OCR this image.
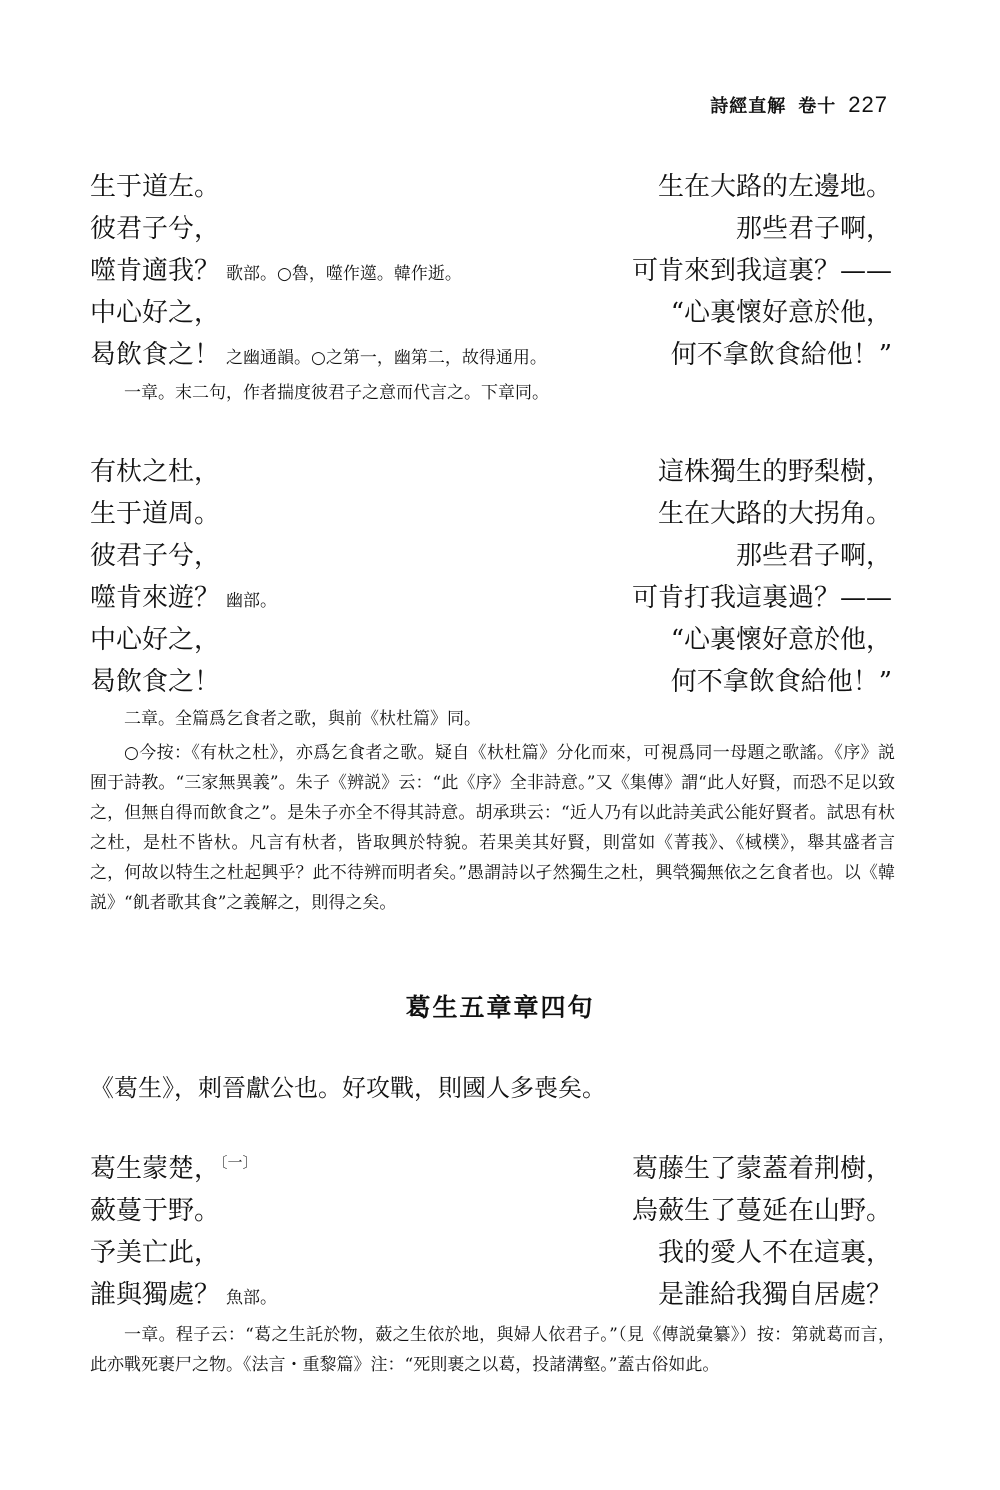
詩經直解 卷十 227
生于道左。	生在大路的左邊地。
彼君子兮，	那些君子啊，
噬肯適我？ 歌部。○魯，噬作遾。韓作逝。	可肯來到我這裏？——
中心好之，	“心裏懷好意於他，
曷飲食之！ 之幽通韻。○之第一，幽第二，故得通用。	何不拿飲食給他！”

一章。末二句，作者揣度彼君子之意而代言之。下章同。

有杕之杜，	這株獨生的野梨樹，
生于道周。	生在大路的大拐角。
彼君子兮，	那些君子啊，
噬肯來遊？ 幽部。	可肯打我這裏過？——
中心好之，	“心裏懷好意於他，
曷飲食之！	何不拿飲食給他！”

二章。全篇爲乞食者之歌，與前《杕杜篇》同。

○今按：《有杕之杜》，亦爲乞食者之歌。疑自《杕杜篇》分化而來，可視爲同一母題之歌謠。《序》説囿于詩教。“三家無異義”。朱子《辨説》云：“此《序》全非詩意。”又《集傳》謂“此人好賢，而恐不足以致之，但無自得而飲食之”。是朱子亦全不得其詩意。胡承珙云：“近人乃有以此詩美武公能好賢者。試思有杕之杜，是杜不皆杕。凡言有杕者，皆取興於特貌。若果美其好賢，則當如《菁莪》、《棫樸》，舉其盛者言之，何故以特生之杜起興乎？此不待辨而明者矣。”愚謂詩以孑然獨生之杜，興煢獨無依之乞食者也。以《韓説》“飢者歌其食”之義解之，則得之矣。

葛生五章章四句

《葛生》，刺晉獻公也。好攻戰，則國人多喪矣。

葛生蒙楚，$^{〔一〕}$	葛藤生了蒙蓋着荆樹，
蘞蔓于野。	烏蘞生了蔓延在山野。
予美亡此，	我的愛人不在這裏，
誰與獨處？ 魚部。	是誰給我獨自居處？

一章。程子云：“葛之生託於物，蘞之生依於地，與婦人依君子。”（見《傳説彙纂》）按：第就葛而言，此亦戰死裹尸之物。《法言・重黎篇》注：“死則裹之以葛，投諸溝壑。”蓋古俗如此。
